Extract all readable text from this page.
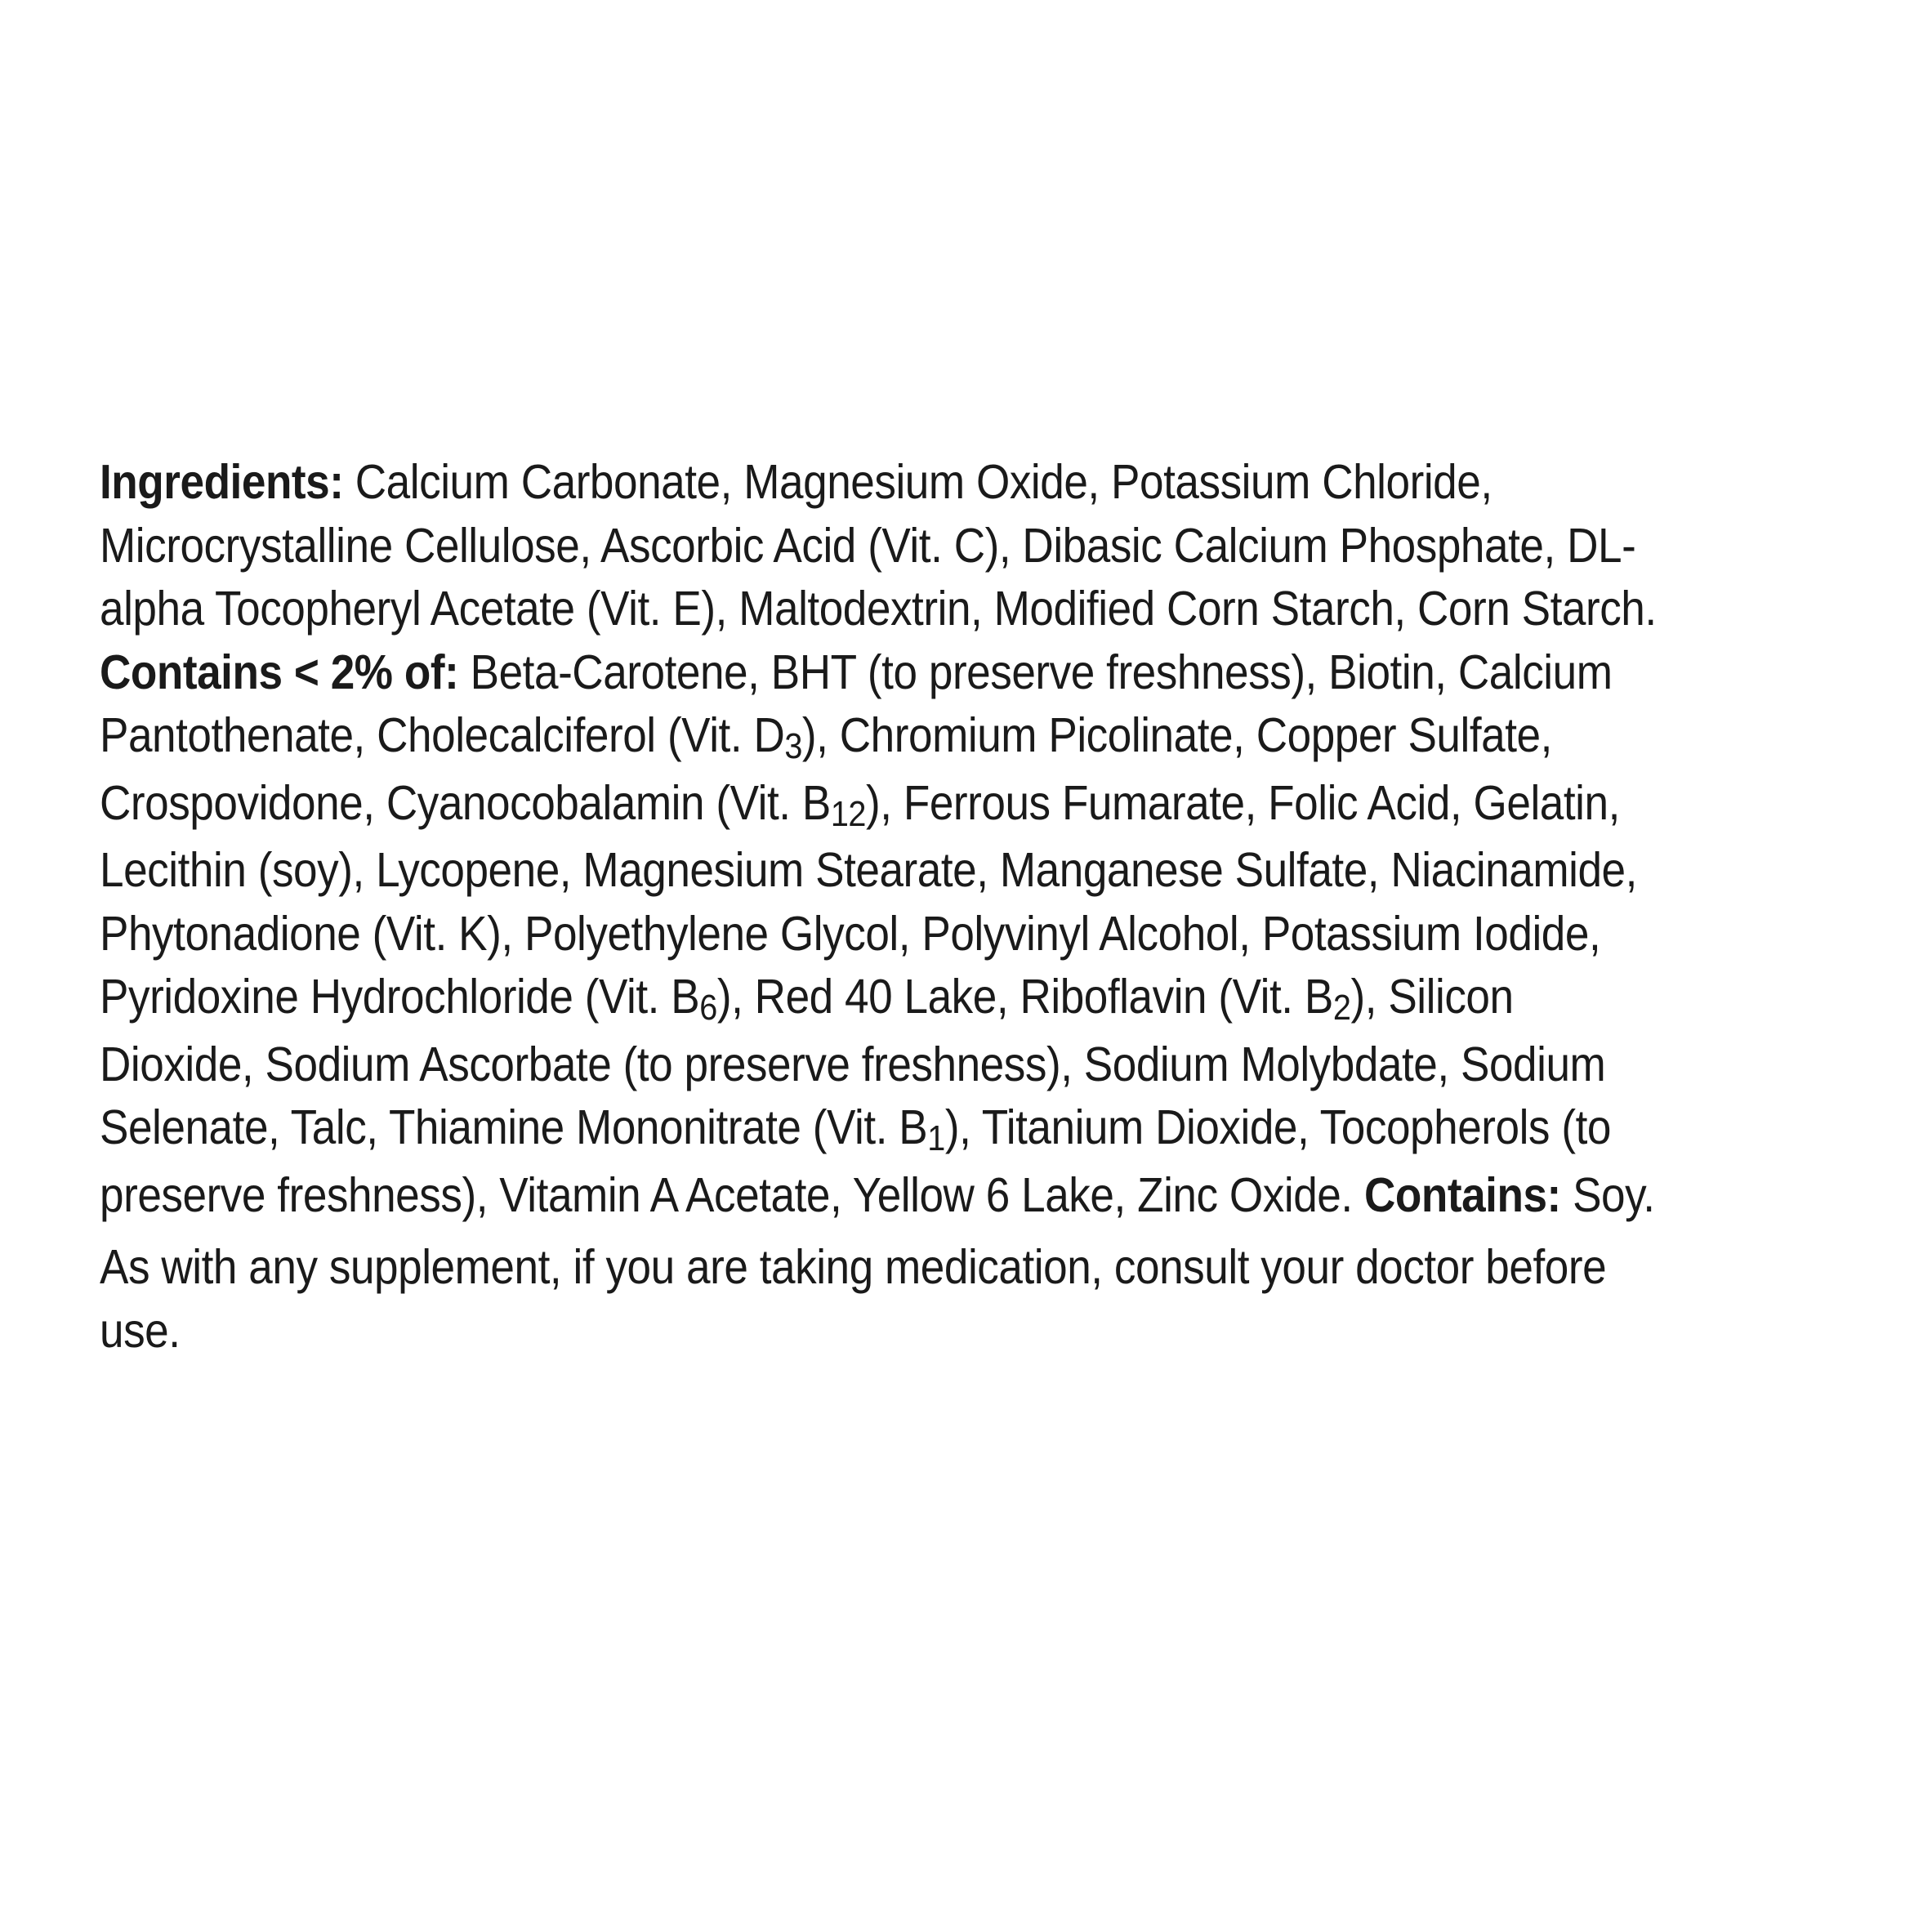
Ingredients: Calcium Carbonate, Magnesium Oxide, Potassium Chloride, Microcrystalline Cellulose, Ascorbic Acid (Vit. C), Dibasic Calcium Phosphate, DL-alpha Tocopheryl Acetate (Vit. E), Maltodextrin, Modified Corn Starch, Corn Starch. Contains < 2% of: Beta-Carotene, BHT (to preserve freshness), Biotin, Calcium Pantothenate, Cholecalciferol (Vit. D3), Chromium Picolinate, Copper Sulfate, Crospovidone, Cyanocobalamin (Vit. B12), Ferrous Fumarate, Folic Acid, Gelatin, Lecithin (soy), Lycopene, Magnesium Stearate, Manganese Sulfate, Niacinamide, Phytonadione (Vit. K), Polyethylene Glycol, Polyvinyl Alcohol, Potassium Iodide, Pyridoxine Hydrochloride (Vit. B6), Red 40 Lake, Riboflavin (Vit. B2), Silicon Dioxide, Sodium Ascorbate (to preserve freshness), Sodium Molybdate, Sodium Selenate, Talc, Thiamine Mononitrate (Vit. B1), Titanium Dioxide, Tocopherols (to preserve freshness), Vitamin A Acetate, Yellow 6 Lake, Zinc Oxide. Contains: Soy.

As with any supplement, if you are taking medication, consult your doctor before use.
